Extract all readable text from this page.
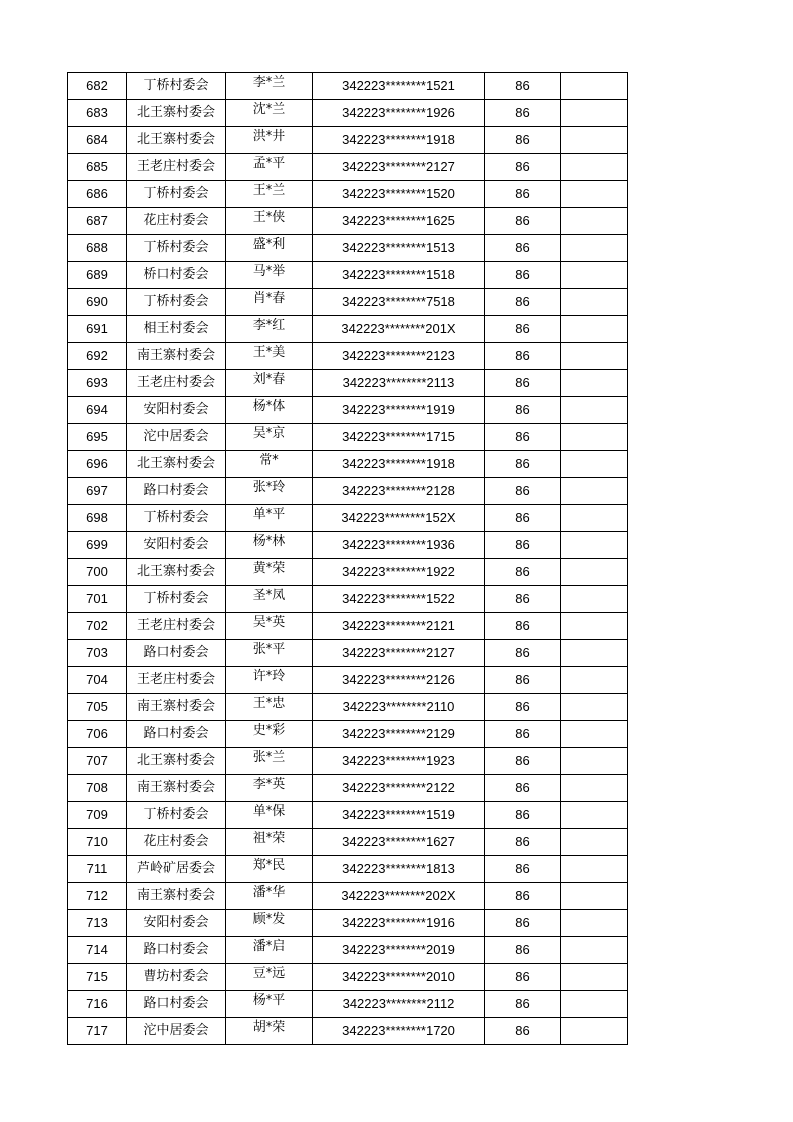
682	丁桥村委会	李*兰	342223********1521	86	
683	北王寨村委会	沈*兰	342223********1926	86	
684	北王寨村委会	洪*井	342223********1918	86	
685	王老庄村委会	孟*平	342223********2127	86	
686	丁桥村委会	王*兰	342223********1520	86	
687	花庄村委会	王*侠	342223********1625	86	
688	丁桥村委会	盛*利	342223********1513	86	
689	桥口村委会	马*举	342223********1518	86	
690	丁桥村委会	肖*春	342223********7518	86	
691	相王村委会	李*红	342223********201X	86	
692	南王寨村委会	王*美	342223********2123	86	
693	王老庄村委会	刘*春	342223********2113	86	
694	安阳村委会	杨*体	342223********1919	86	
695	沱中居委会	吴*京	342223********1715	86	
696	北王寨村委会	常*	342223********1918	86	
697	路口村委会	张*玲	342223********2128	86	
698	丁桥村委会	单*平	342223********152X	86	
699	安阳村委会	杨*林	342223********1936	86	
700	北王寨村委会	黄*荣	342223********1922	86	
701	丁桥村委会	圣*凤	342223********1522	86	
702	王老庄村委会	吴*英	342223********2121	86	
703	路口村委会	张*平	342223********2127	86	
704	王老庄村委会	许*玲	342223********2126	86	
705	南王寨村委会	王*忠	342223********2110	86	
706	路口村委会	史*彩	342223********2129	86	
707	北王寨村委会	张*兰	342223********1923	86	
708	南王寨村委会	李*英	342223********2122	86	
709	丁桥村委会	单*保	342223********1519	86	
710	花庄村委会	祖*荣	342223********1627	86	
711	芦岭矿居委会	郑*民	342223********1813	86	
712	南王寨村委会	潘*华	342223********202X	86	
713	安阳村委会	顾*发	342223********1916	86	
714	路口村委会	潘*启	342223********2019	86	
715	曹坊村委会	豆*远	342223********2010	86	
716	路口村委会	杨*平	342223********2112	86	
717	沱中居委会	胡*荣	342223********1720	86	
